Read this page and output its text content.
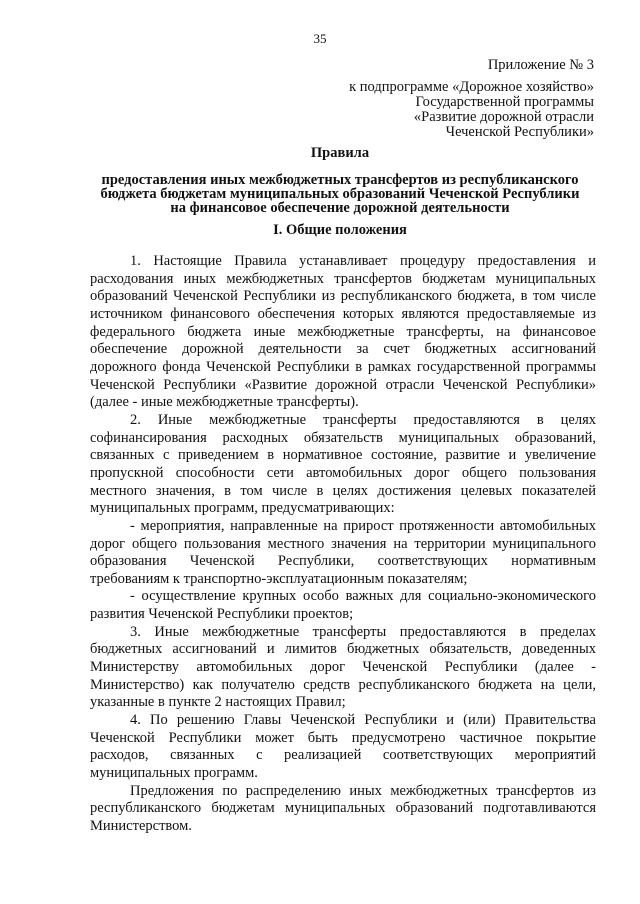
35
Приложение № 3
к подпрограмме «Дорожное хозяйство»
Государственной программы
«Развитие дорожной отрасли
Чеченской Республики»
Правила
предоставления иных межбюджетных трансфертов из республиканского
бюджета бюджетам муниципальных образований Чеченской Республики
на финансовое обеспечение дорожной деятельности
I. Общие положения

1. Настоящие Правила устанавливает процедуру предоставления и расходования иных межбюджетных трансфертов бюджетам муниципальных образований Чеченской Республики из республиканского бюджета, в том числе источником финансового обеспечения которых являются предоставляемые из федерального бюджета иные межбюджетные трансферты, на финансовое обеспечение дорожной деятельности за счет бюджетных ассигнований дорожного фонда Чеченской Республики в рамках государственной программы Чеченской Республики «Развитие дорожной отрасли Чеченской Республики» (далее - иные межбюджетные трансферты).

2. Иные межбюджетные трансферты предоставляются в целях софинансирования расходных обязательств муниципальных образований, связанных с приведением в нормативное состояние, развитие и увеличение пропускной способности сети автомобильных дорог общего пользования местного значения, в том числе в целях достижения целевых показателей муниципальных программ, предусматривающих:

- мероприятия, направленные на прирост протяженности автомобильных дорог общего пользования местного значения на территории муниципального образования Чеченской Республики, соответствующих нормативным требованиям к транспортно-эксплуатационным показателям;

- осуществление крупных особо важных для социально-экономического развития Чеченской Республики проектов;

3. Иные межбюджетные трансферты предоставляются в пределах бюджетных ассигнований и лимитов бюджетных обязательств, доведенных Министерству автомобильных дорог Чеченской Республики (далее - Министерство) как получателю средств республиканского бюджета на цели, указанные в пункте 2 настоящих Правил;

4. По решению Главы Чеченской Республики и (или) Правительства Чеченской Республики может быть предусмотрено частичное покрытие расходов, связанных с реализацией соответствующих мероприятий муниципальных программ.

Предложения по распределению иных межбюджетных трансфертов из республиканского бюджетам муниципальных образований подготавливаются Министерством.
